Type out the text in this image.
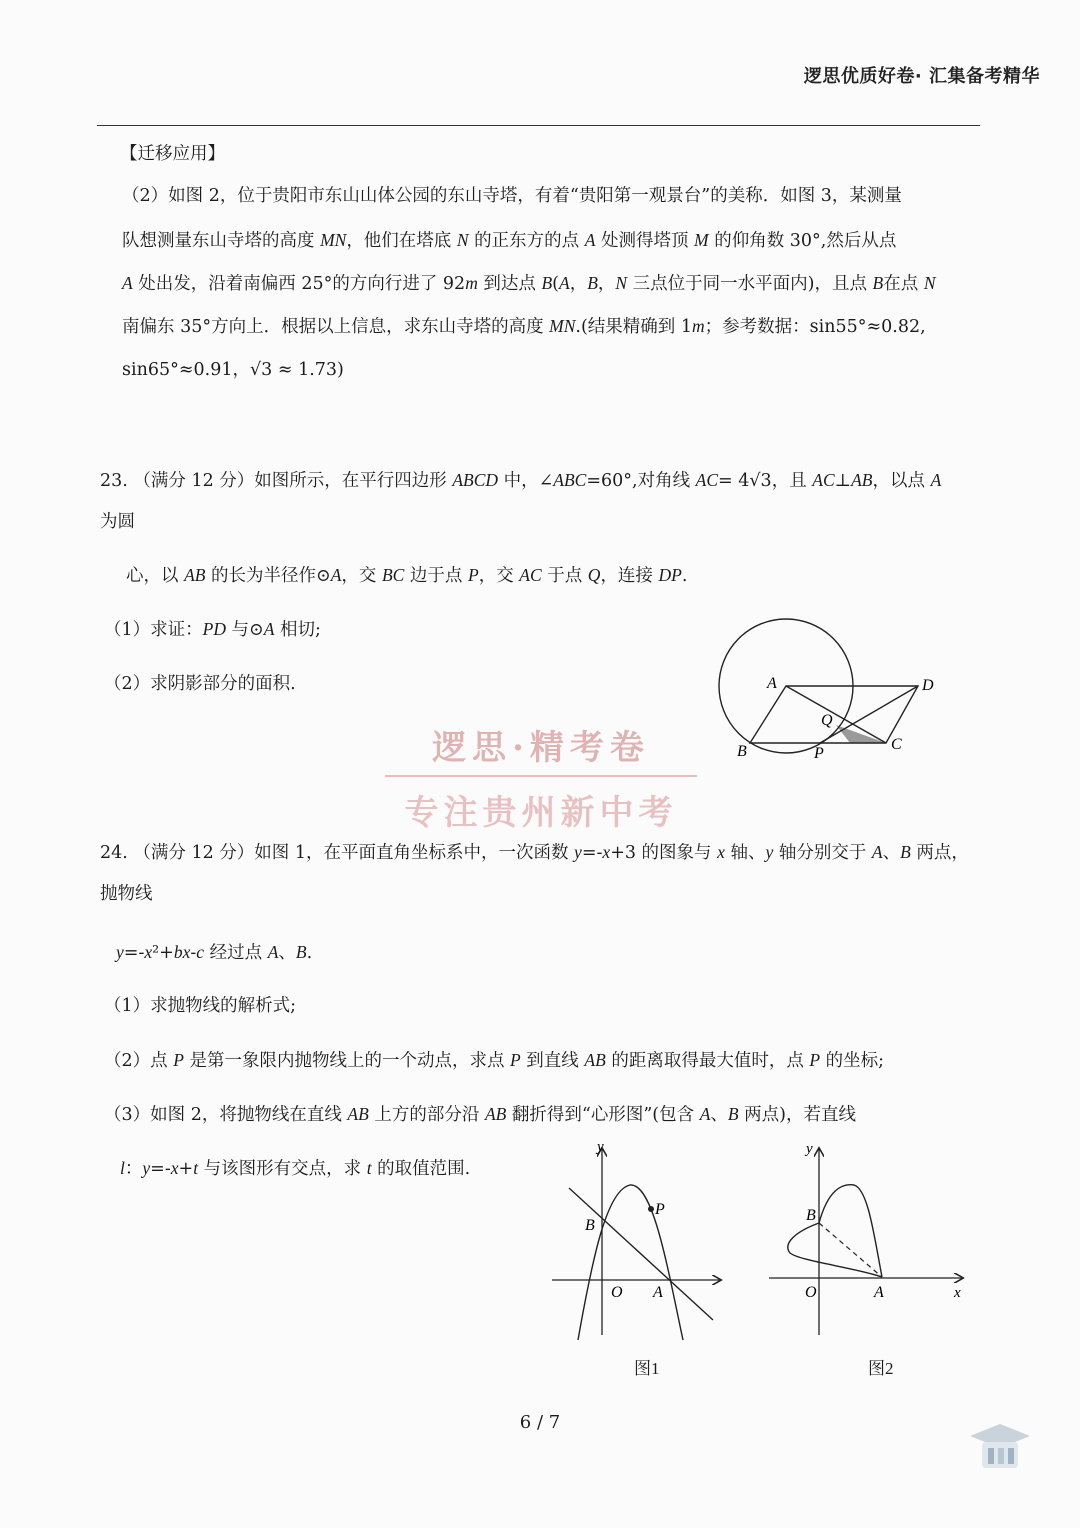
逻思优质好卷· 汇集备考精华
【迁移应用】
（2）如图 2，位于贵阳市东山山体公园的东山寺塔，有着“贵阳第一观景台”的美称．如图 3，某测量
队想测量东山寺塔的高度 MN，他们在塔底 N 的正东方的点 A 处测得塔顶 M 的仰角数 30°,然后从点
A 处出发，沿着南偏西 25°的方向行进了 92m 到达点 B(A，B，N 三点位于同一水平面内)，且点 B在点 N
南偏东 35°方向上．根据以上信息，求东山寺塔的高度 MN.(结果精确到 1m；参考数据：sin55°≈0.82,
sin65°≈0.91，√3 ≈ 1.73)
23. （满分 12 分）如图所示，在平行四边形 ABCD 中，∠ABC=60°,对角线 AC= 4√3，且 AC⊥AB，以点 A
为圆
心，以 AB 的长为半径作⊙A，交 BC 边于点 P，交 AC 于点 Q，连接 DP.
（1）求证：PD 与⊙A 相切;
（2）求阴影部分的面积.	A	D
Q
B	P
C
逻思·精考卷
专注贵州新中考
24. （满分 12 分）如图 1，在平面直角坐标系中，一次函数 y=-x+3 的图象与 x 轴、y 轴分别交于 A、B 两点，
抛物线
y=-x²+bx-c 经过点 A、B.
（1）求抛物线的解析式;
（2）点 P 是第一象限内抛物线上的一个动点，求点 P 到直线 AB 的距离取得最大值时，点 P 的坐标;
（3）如图 2，将抛物线在直线 AB 上方的部分沿 AB 翻折得到“心形图”(包含 A、B 两点)，若直线
l：y=-x+t 与该图形有交点，求 t 的取值范围.
y
B
P
O A
图1
y
B
O	A	x
图2
6 / 7
